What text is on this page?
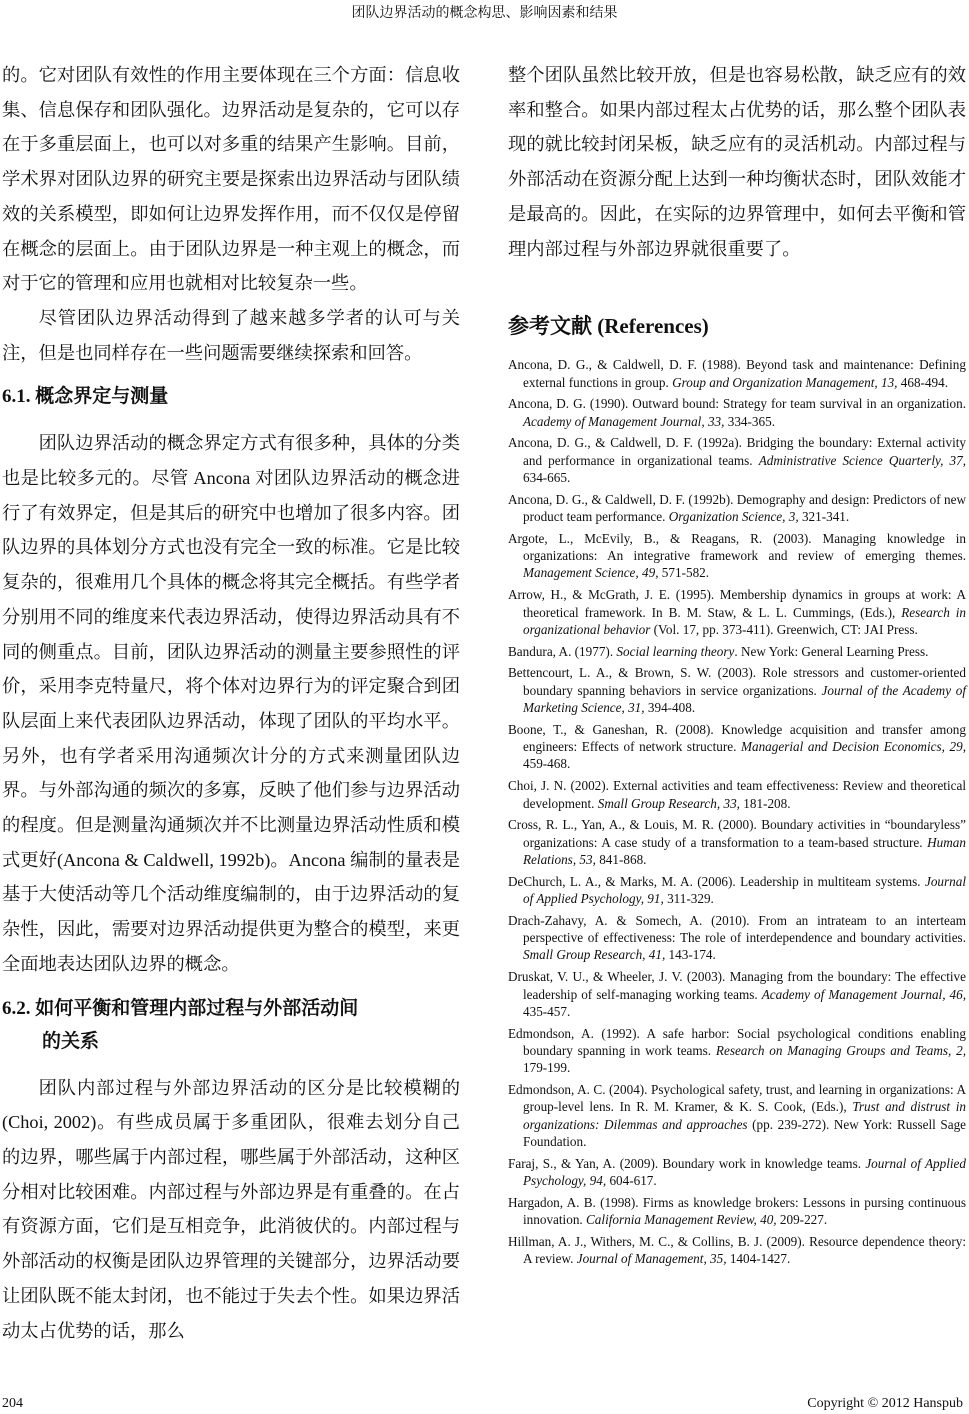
团队边界活动的概念构思、影响因素和结果

的。它对团队有效性的作用主要体现在三个方面：信息收集、信息保存和团队强化。边界活动是复杂的，它可以存在于多重层面上，也可以对多重的结果产生影响。目前，学术界对团队边界的研究主要是探索出边界活动与团队绩效的关系模型，即如何让边界发挥作用，而不仅仅是停留在概念的层面上。由于团队边界是一种主观上的概念，而对于它的管理和应用也就相对比较复杂一些。

尽管团队边界活动得到了越来越多学者的认可与关注，但是也同样存在一些问题需要继续探索和回答。

6.1. 概念界定与测量

团队边界活动的概念界定方式有很多种，具体的分类也是比较多元的。尽管 Ancona 对团队边界活动的概念进行了有效界定，但是其后的研究中也增加了很多内容。团队边界的具体划分方式也没有完全一致的标准。它是比较复杂的，很难用几个具体的概念将其完全概括。有些学者分别用不同的维度来代表边界活动，使得边界活动具有不同的侧重点。目前，团队边界活动的测量主要参照性的评价，采用李克特量尺，将个体对边界行为的评定聚合到团队层面上来代表团队边界活动，体现了团队的平均水平。另外，也有学者采用沟通频次计分的方式来测量团队边界。与外部沟通的频次的多寡，反映了他们参与边界活动的程度。但是测量沟通频次并不比测量边界活动性质和模式更好(Ancona & Caldwell, 1992b)。Ancona 编制的量表是基于大使活动等几个活动维度编制的，由于边界活动的复杂性，因此，需要对边界活动提供更为整合的模型，来更全面地表达团队边界的概念。

6.2. 如何平衡和管理内部过程与外部活动间
的关系

团队内部过程与外部边界活动的区分是比较模糊的(Choi, 2002)。有些成员属于多重团队，很难去划分自己的边界，哪些属于内部过程，哪些属于外部活动，这种区分相对比较困难。内部过程与外部边界是有重叠的。在占有资源方面，它们是互相竞争，此消彼伏的。内部过程与外部活动的权衡是团队边界管理的关键部分，边界活动要让团队既不能太封闭，也不能过于失去个性。如果边界活动太占优势的话，那么

整个团队虽然比较开放，但是也容易松散，缺乏应有的效率和整合。如果内部过程太占优势的话，那么整个团队表现的就比较封闭呆板，缺乏应有的灵活机动。内部过程与外部活动在资源分配上达到一种均衡状态时，团队效能才是最高的。因此，在实际的边界管理中，如何去平衡和管理内部过程与外部边界就很重要了。

参考文献 (References)
Ancona, D. G., & Caldwell, D. F. (1988). Beyond task and maintenance: Defining external functions in group. Group and Organization Management, 13, 468-494.
Ancona, D. G. (1990). Outward bound: Strategy for team survival in an organization. Academy of Management Journal, 33, 334-365.
Ancona, D. G., & Caldwell, D. F. (1992a). Bridging the boundary: External activity and performance in organizational teams. Administrative Science Quarterly, 37, 634-665.
Ancona, D. G., & Caldwell, D. F. (1992b). Demography and design: Predictors of new product team performance. Organization Science, 3, 321-341.
Argote, L., McEvily, B., & Reagans, R. (2003). Managing knowledge in organizations: An integrative framework and review of emerging themes. Management Science, 49, 571-582.
Arrow, H., & McGrath, J. E. (1995). Membership dynamics in groups at work: A theoretical framework. In B. M. Staw, & L. L. Cummings, (Eds.), Research in organizational behavior (Vol. 17, pp. 373-411). Greenwich, CT: JAI Press.
Bandura, A. (1977). Social learning theory. New York: General Learning Press.
Bettencourt, L. A., & Brown, S. W. (2003). Role stressors and customer-oriented boundary spanning behaviors in service organizations. Journal of the Academy of Marketing Science, 31, 394-408.
Boone, T., & Ganeshan, R. (2008). Knowledge acquisition and transfer among engineers: Effects of network structure. Managerial and Decision Economics, 29, 459-468.
Choi, J. N. (2002). External activities and team effectiveness: Review and theoretical development. Small Group Research, 33, 181-208.
Cross, R. L., Yan, A., & Louis, M. R. (2000). Boundary activities in “boundaryless” organizations: A case study of a transformation to a team-based structure. Human Relations, 53, 841-868.
DeChurch, L. A., & Marks, M. A. (2006). Leadership in multiteam systems. Journal of Applied Psychology, 91, 311-329.
Drach-Zahavy, A. & Somech, A. (2010). From an intrateam to an interteam perspective of effectiveness: The role of interdependence and boundary activities. Small Group Research, 41, 143-174.
Druskat, V. U., & Wheeler, J. V. (2003). Managing from the boundary: The effective leadership of self-managing working teams. Academy of Management Journal, 46, 435-457.
Edmondson, A. (1992). A safe harbor: Social psychological conditions enabling boundary spanning in work teams. Research on Managing Groups and Teams, 2, 179-199.
Edmondson, A. C. (2004). Psychological safety, trust, and learning in organizations: A group-level lens. In R. M. Kramer, & K. S. Cook, (Eds.), Trust and distrust in organizations: Dilemmas and approaches (pp. 239-272). New York: Russell Sage Foundation.
Faraj, S., & Yan, A. (2009). Boundary work in knowledge teams. Journal of Applied Psychology, 94, 604-617.
Hargadon, A. B. (1998). Firms as knowledge brokers: Lessons in pursing continuous innovation. California Management Review, 40, 209-227.
Hillman, A. J., Withers, M. C., & Collins, B. J. (2009). Resource dependence theory: A review. Journal of Management, 35, 1404-1427.
204	Copyright © 2012 Hanspub
